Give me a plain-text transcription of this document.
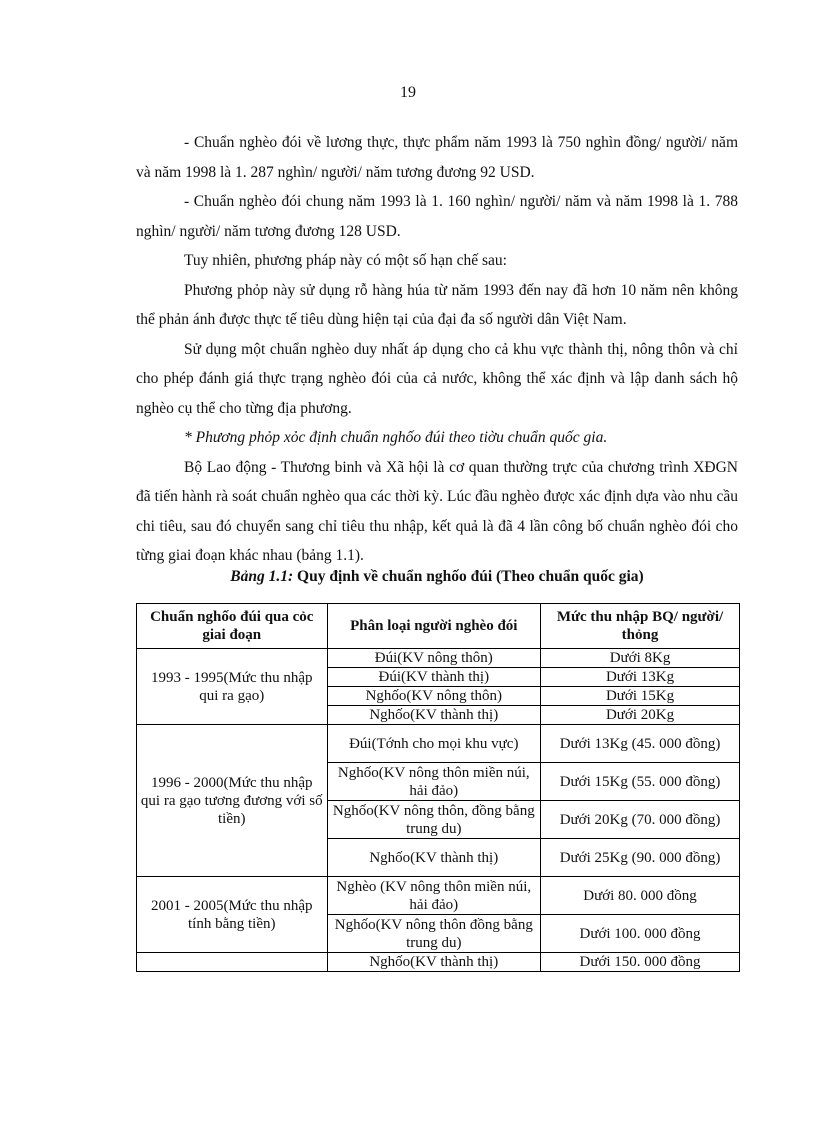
19

- Chuẩn nghèo đói về lương thực, thực phẩm năm 1993 là 750 nghìn đồng/ người/ năm và năm 1998 là 1. 287 nghìn/ người/ năm tương đương 92 USD.

- Chuẩn nghèo đói chung năm 1993 là 1. 160 nghìn/ người/ năm và năm 1998 là 1. 788 nghìn/ người/ năm tương đương 128 USD.

Tuy nhiên, phương pháp này có một số hạn chế sau:

Phương phỏp này sử dụng rỗ hàng húa từ năm 1993 đến nay đã hơn 10 năm nên không thể phản ánh được thực tế tiêu dùng hiện tại của đại đa số người dân Việt Nam.

Sử dụng một chuẩn nghèo duy nhất áp dụng cho cả khu vực thành thị, nông thôn và chỉ cho phép đánh giá thực trạng nghèo đói của cả nước, không thể xác định và lập danh sách hộ nghèo cụ thể cho từng địa phương.

* Phương phỏp xỏc định chuẩn nghốo đúi theo tiờu chuẩn quốc gia.

Bộ Lao động - Thương binh và Xã hội là cơ quan thường trực của chương trình XĐGN đã tiến hành rà soát chuẩn nghèo qua các thời kỳ. Lúc đầu nghèo được xác định dựa vào nhu cầu chi tiêu, sau đó chuyển sang chỉ tiêu thu nhập, kết quả là đã 4 lần công bố chuẩn nghèo đói cho từng giai đoạn khác nhau (bảng 1.1).

Bảng 1.1: Quy định về chuẩn nghốo đúi (Theo chuẩn quốc gia)
Chuẩn nghốo đúi qua cỏc giai đoạn	Phân loại người nghèo đói	Mức thu nhập BQ/ người/ thỏng
1993 - 1995(Mức thu nhập qui ra gạo)	Đúi(KV nông thôn)	Dưới 8Kg
	Đúi(KV thành thị)	Dưới 13Kg
	Nghốo(KV nông thôn)	Dưới 15Kg
	Nghốo(KV thành thị)	Dưới 20Kg
1996 - 2000(Mức thu nhập qui ra gạo tương đương với số tiền)	Đúi(Tớnh cho mọi khu vực)	Dưới 13Kg (45. 000 đồng)
	Nghốo(KV nông thôn miền núi, hải đảo)	Dưới 15Kg (55. 000 đồng)
	Nghốo(KV nông thôn, đồng bằng trung du)	Dưới 20Kg (70. 000 đồng)
	Nghốo(KV thành thị)	Dưới 25Kg (90. 000 đồng)
2001 - 2005(Mức thu nhập tính bằng tiền)	Nghèo (KV nông thôn miền núi, hải đảo)	Dưới 80. 000 đồng
	Nghốo(KV nông thôn đồng bằng trung du)	Dưới 100. 000 đồng
	Nghốo(KV thành thị)	Dưới 150. 000 đồng
